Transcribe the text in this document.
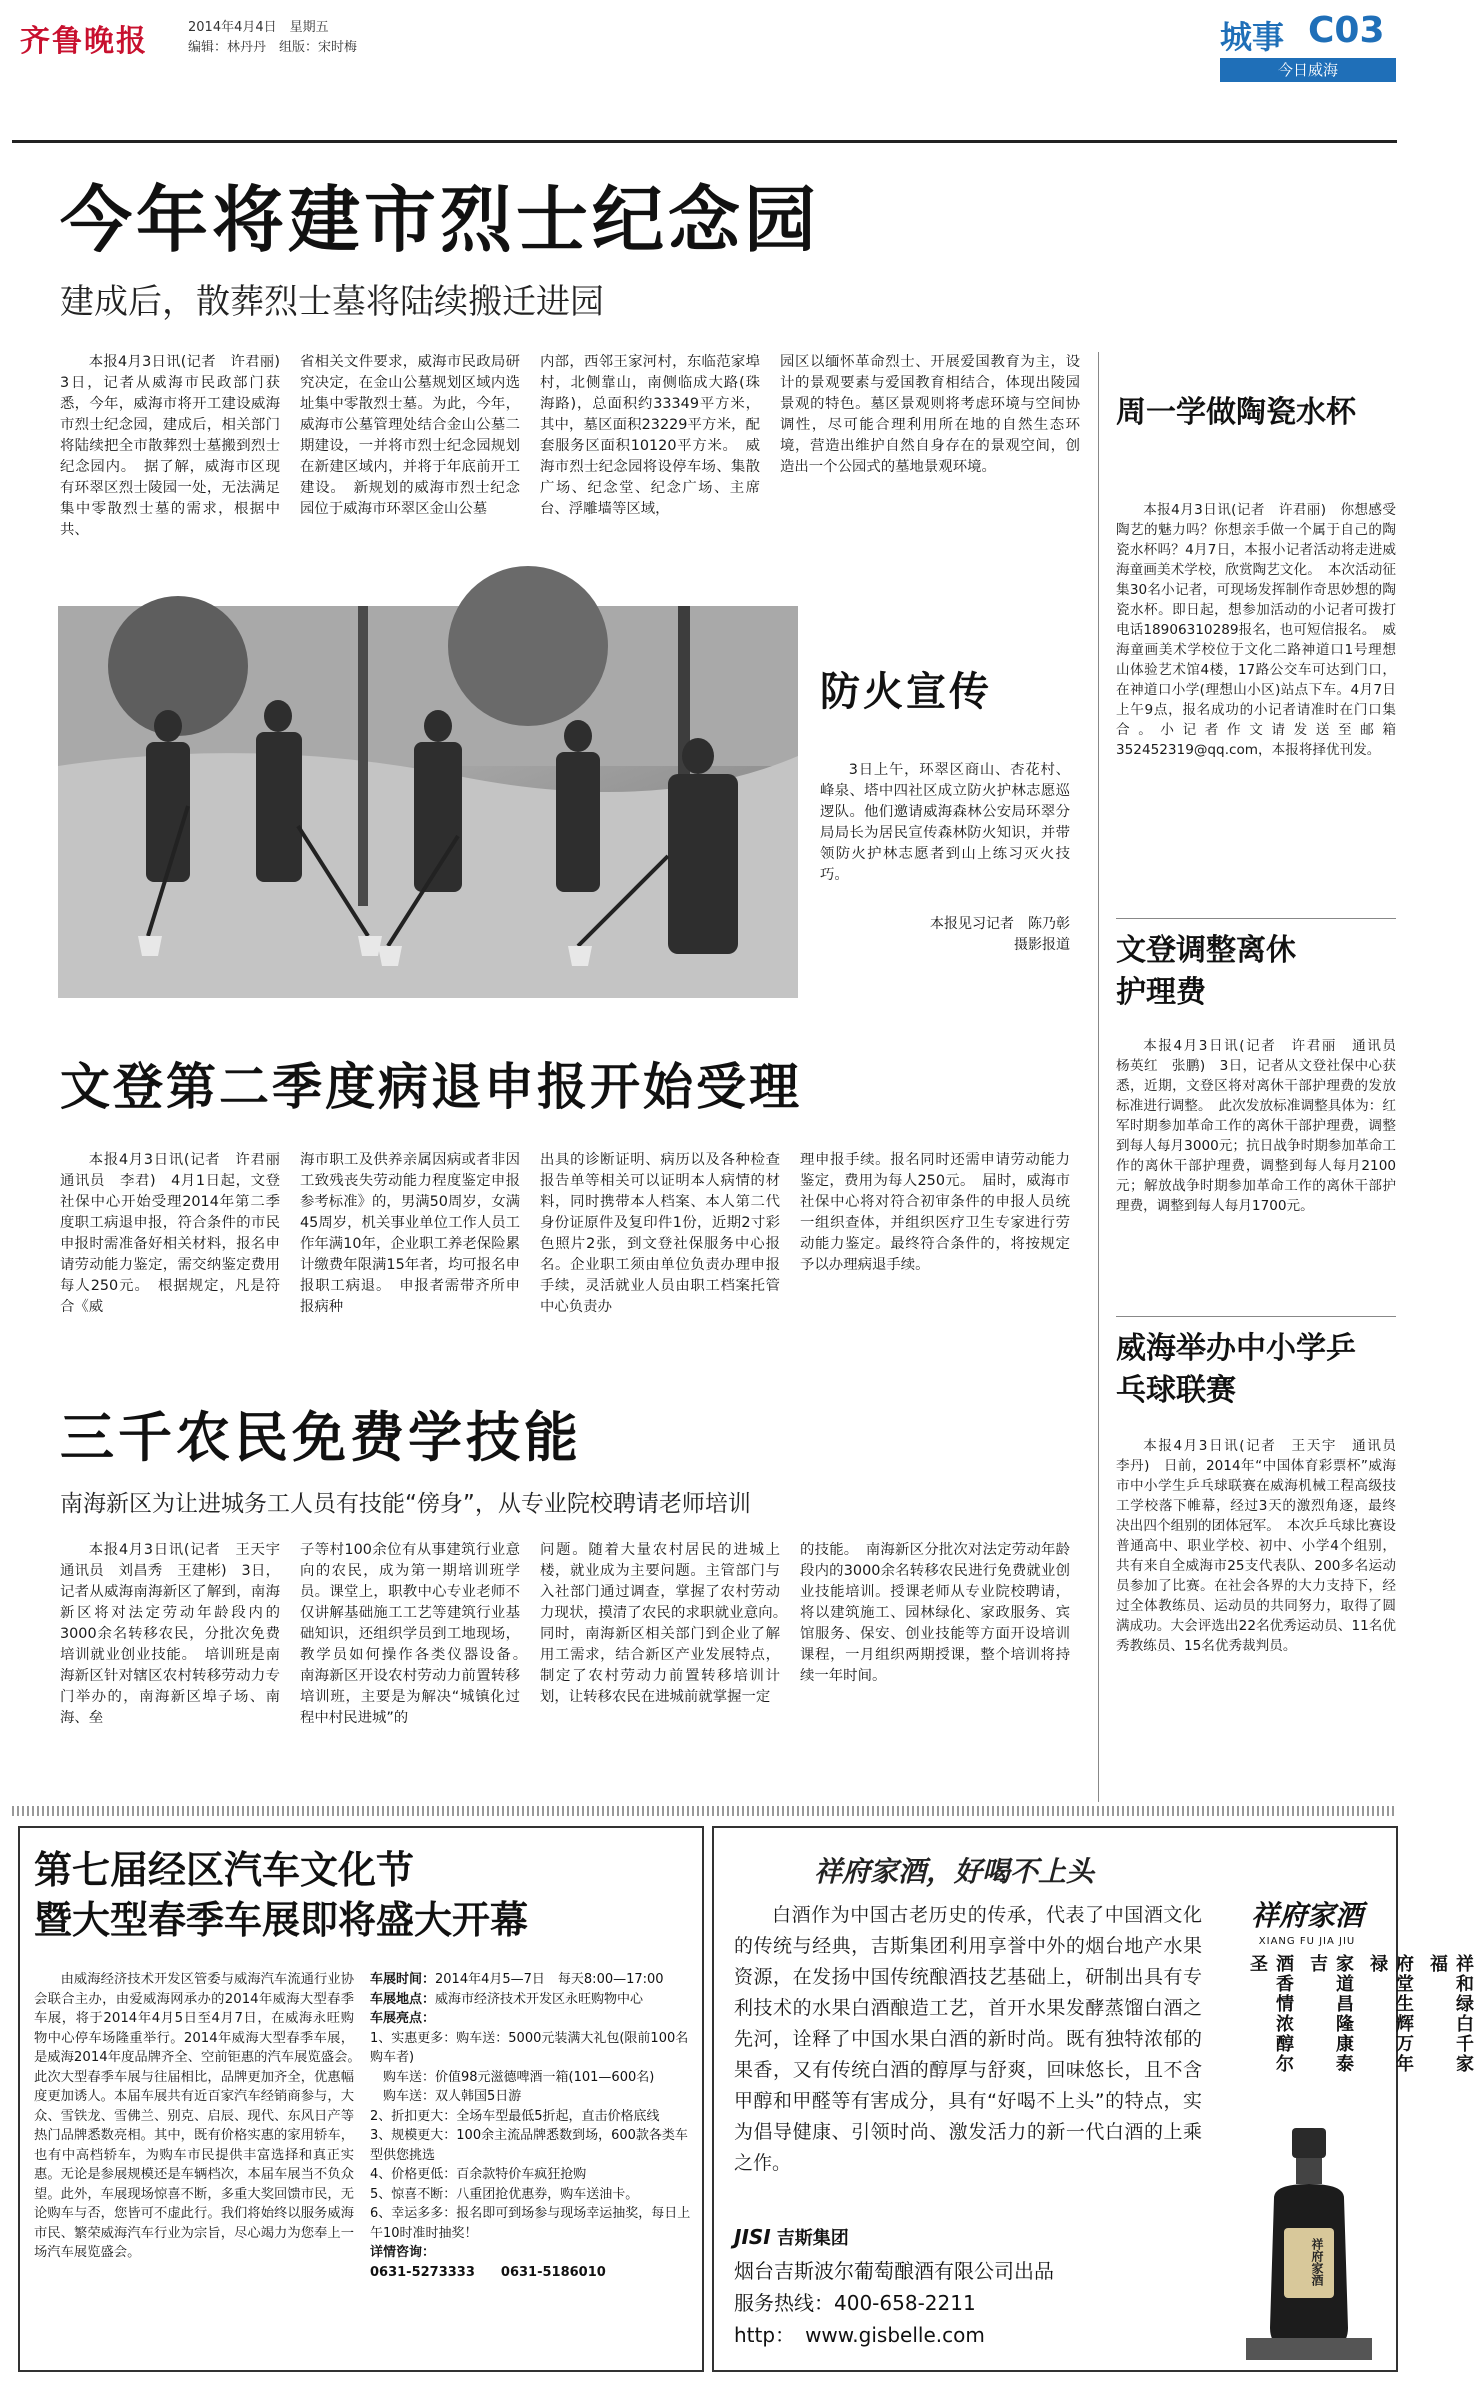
齐鲁晚报	2014年4月4日　 星期五
编辑：林丹丹　组版：宋时梅	城事 C03
今日威海
今年将建市烈士纪念园
建成后，散葬烈士墓将陆续搬迁进园
本报4月3日讯(记者　许君丽)　3日，记者从威海市民政部门获悉，今年，威海市将开工建设威海市烈士纪念园，建成后，相关部门将陆续把全市散葬烈士墓搬到烈士纪念园内。　据了解，威海市区现有环翠区烈士陵园一处，无法满足集中零散烈士墓的需求，根据中共、
省相关文件要求，威海市民政局研究决定，在金山公墓规划区域内选址集中零散烈士墓。为此，今年，威海市公墓管理处结合金山公墓二期建设，一并将市烈士纪念园规划在新建区域内，并将于年底前开工建设。　新规划的威海市烈士纪念园位于威海市环翠区金山公墓
内部，西邻王家河村，东临范家埠村，北侧靠山，南侧临成大路(珠海路)，总面积约33349平方米，其中，墓区面积23229平方米，配套服务区面积10120平方米。　威海市烈士纪念园将设停车场、集散广场、纪念堂、纪念广场、主席台、浮雕墙等区域，
园区以缅怀革命烈士、开展爱国教育为主，设计的景观要素与爱国教育相结合，体现出陵园景观的特色。墓区景观则将考虑环境与空间协调性，尽可能合理利用所在地的自然生态环境，营造出维护自然自身存在的景观空间，创造出一个公园式的墓地景观环境。
防火宣传
3日上午，环翠区商山、杏花村、峰泉、塔中四社区成立防火护林志愿巡逻队。他们邀请威海森林公安局环翠分局局长为居民宣传森林防火知识，并带领防火护林志愿者到山上练习灭火技巧。
本报见习记者　陈乃彰
摄影报道
文登第二季度病退申报开始受理
本报4月3日讯(记者　许君丽　通讯员　李君)　4月1日起，文登社保中心开始受理2014年第二季度职工病退申报，符合条件的市民申报时需准备好相关材料，报名申请劳动能力鉴定，需交纳鉴定费用每人250元。　根据规定，凡是符合《威
海市职工及供养亲属因病或者非因工致残丧失劳动能力程度鉴定申报参考标准》的，男满50周岁，女满45周岁，机关事业单位工作人员工作年满10年，企业职工养老保险累计缴费年限满15年者，均可报名申报职工病退。　申报者需带齐所申报病种
出具的诊断证明、病历以及各种检查报告单等相关可以证明本人病情的材料，同时携带本人档案、本人第二代身份证原件及复印件1份，近期2寸彩色照片2张，到文登社保服务中心报名。企业职工须由单位负责办理申报手续，灵活就业人员由职工档案托管中心负责办
理申报手续。报名同时还需申请劳动能力鉴定，费用为每人250元。　届时，威海市社保中心将对符合初审条件的申报人员统一组织查体，并组织医疗卫生专家进行劳动能力鉴定。最终符合条件的，将按规定予以办理病退手续。
三千农民免费学技能
南海新区为让进城务工人员有技能“傍身”，从专业院校聘请老师培训
本报4月3日讯(记者　王天宇　通讯员　刘昌秀　王建彬)　3日，记者从威海南海新区了解到，南海新区将对法定劳动年龄段内的3000余名转移农民，分批次免费培训就业创业技能。　培训班是南海新区针对辖区农村转移劳动力专门举办的，南海新区埠子场、南海、垒
子等村100余位有从事建筑行业意向的农民，成为第一期培训班学员。课堂上，职教中心专业老师不仅讲解基础施工工艺等建筑行业基础知识，还组织学员到工地现场，教学员如何操作各类仪器设备。　南海新区开设农村劳动力前置转移培训班，主要是为解决“城镇化过程中村民进城”的
问题。随着大量农村居民的进城上楼，就业成为主要问题。主管部门与入社部门通过调查，掌握了农村劳动力现状，摸清了农民的求职就业意向。　同时，南海新区相关部门到企业了解用工需求，结合新区产业发展特点，制定了农村劳动力前置转移培训计划，让转移农民在进城前就掌握一定
的技能。　南海新区分批次对法定劳动年龄段内的3000余名转移农民进行免费就业创业技能培训。授课老师从专业院校聘请，将以建筑施工、园林绿化、家政服务、宾馆服务、保安、创业技能等方面开设培训课程，一月组织两期授课，整个培训将持续一年时间。
周一学做陶瓷水杯
本报4月3日讯(记者　许君丽)　你想感受陶艺的魅力吗？你想亲手做一个属于自己的陶瓷水杯吗？4月7日，本报小记者活动将走进威海童画美术学校，欣赏陶艺文化。　本次活动征集30名小记者，可现场发挥制作奇思妙想的陶瓷水杯。即日起，想参加活动的小记者可拨打电话18906310289报名，也可短信报名。　威海童画美术学校位于文化二路神道口1号理想山体验艺术馆4楼，17路公交车可达到门口，在神道口小学(理想山小区)站点下车。4月7日上午9点，报名成功的小记者请准时在门口集合。小记者作文请发送至邮箱352452319@qq.com，本报将择优刊发。
文登调整离休护理费
本报4月3日讯(记者　许君丽　通讯员　杨英红　张鹏)　3日，记者从文登社保中心获悉，近期，文登区将对离休干部护理费的发放标准进行调整。　此次发放标准调整具体为：红军时期参加革命工作的离休干部护理费，调整到每人每月3000元；抗日战争时期参加革命工作的离休干部护理费，调整到每人每月2100元；解放战争时期参加革命工作的离休干部护理费，调整到每人每月1700元。
威海举办中小学乒乓球联赛
本报4月3日讯(记者　王天宇　通讯员　李丹)　日前，2014年“中国体育彩票杯”威海市中小学生乒乓球联赛在威海机械工程高级技工学校落下帷幕，经过3天的激烈角逐，最终决出四个组别的团体冠军。　本次乒乓球比赛设普通高中、职业学校、初中、小学4个组别，共有来自全威海市25支代表队、200多名运动员参加了比赛。在社会各界的大力支持下，经过全体教练员、运动员的共同努力，取得了圆满成功。大会评选出22名优秀运动员、11名优秀教练员、15名优秀裁判员。
第七届经区汽车文化节
暨大型春季车展即将盛大开幕
由威海经济技术开发区管委与威海汽车流通行业协会联合主办，由爱威海网承办的2014年威海大型春季车展，将于2014年4月5日至4月7日，在威海永旺购物中心停车场隆重举行。2014年威海大型春季车展，是威海2014年度品牌齐全、空前钜惠的汽车展览盛会。　此次大型春季车展与往届相比，品牌更加齐全，优惠幅度更加诱人。本届车展共有近百家汽车经销商参与，大众、雪铁龙、雪佛兰、别克、启辰、现代、东风日产等热门品牌悉数亮相。其中，既有价格实惠的家用轿车，也有中高档轿车，为购车市民提供丰富选择和真正实惠。无论是参展规模还是车辆档次，本届车展当不负众望。此外，车展现场惊喜不断，多重大奖回馈市民，无论购车与否，您皆可不虚此行。我们将始终以服务威海市民、繁荣威海汽车行业为宗旨，尽心竭力为您奉上一场汽车展览盛会。
车展时间：2014年4月5—7日　每天8:00—17:00
车展地点：威海市经济技术开发区永旺购物中心
车展亮点：
1、实惠更多：购车送：5000元装满大礼包(限前100名购车者)
　购车送：价值98元滋德啤酒一箱(101—600名)
　购车送：双人韩国5日游
2、折扣更大：全场车型最低5折起，直击价格底线
3、规模更大：100余主流品牌悉数到场，600款各类车型供您挑选
4、价格更低：百余款特价车疯狂抢购
5、惊喜不断：八重团抢优惠券，购车送油卡。
6、幸运多多：报名即可到场参与现场幸运抽奖，每日上午10时准时抽奖！
详情咨询：
0631-5273333　　 0631-5186010
祥府家酒，好喝不上头
白酒作为中国古老历史的传承，代表了中国酒文化的传统与经典，吉斯集团利用享誉中外的烟台地产水果资源，在发扬中国传统酿酒技艺基础上，研制出具有专利技术的水果白酒酿造工艺，首开水果发酵蒸馏白酒之先河，诠释了中国水果白酒的新时尚。既有独特浓郁的果香，又有传统白酒的醇厚与舒爽，回味悠长，且不含甲醇和甲醛等有害成分，具有“好喝不上头”的特点，实为倡导健康、引领时尚、激发活力的新一代白酒的上乘之作。
祥府家酒
XIANG FU JIA JIU
祥和绿白千家福
府堂生辉万年禄
家道昌隆康泰吉
酒香情浓醇尔圣
祥府家酒
JISI 吉斯集团
烟台吉斯波尔葡萄酿酒有限公司出品
服务热线：400-658-2211
http：　 www.gisbelle.com
